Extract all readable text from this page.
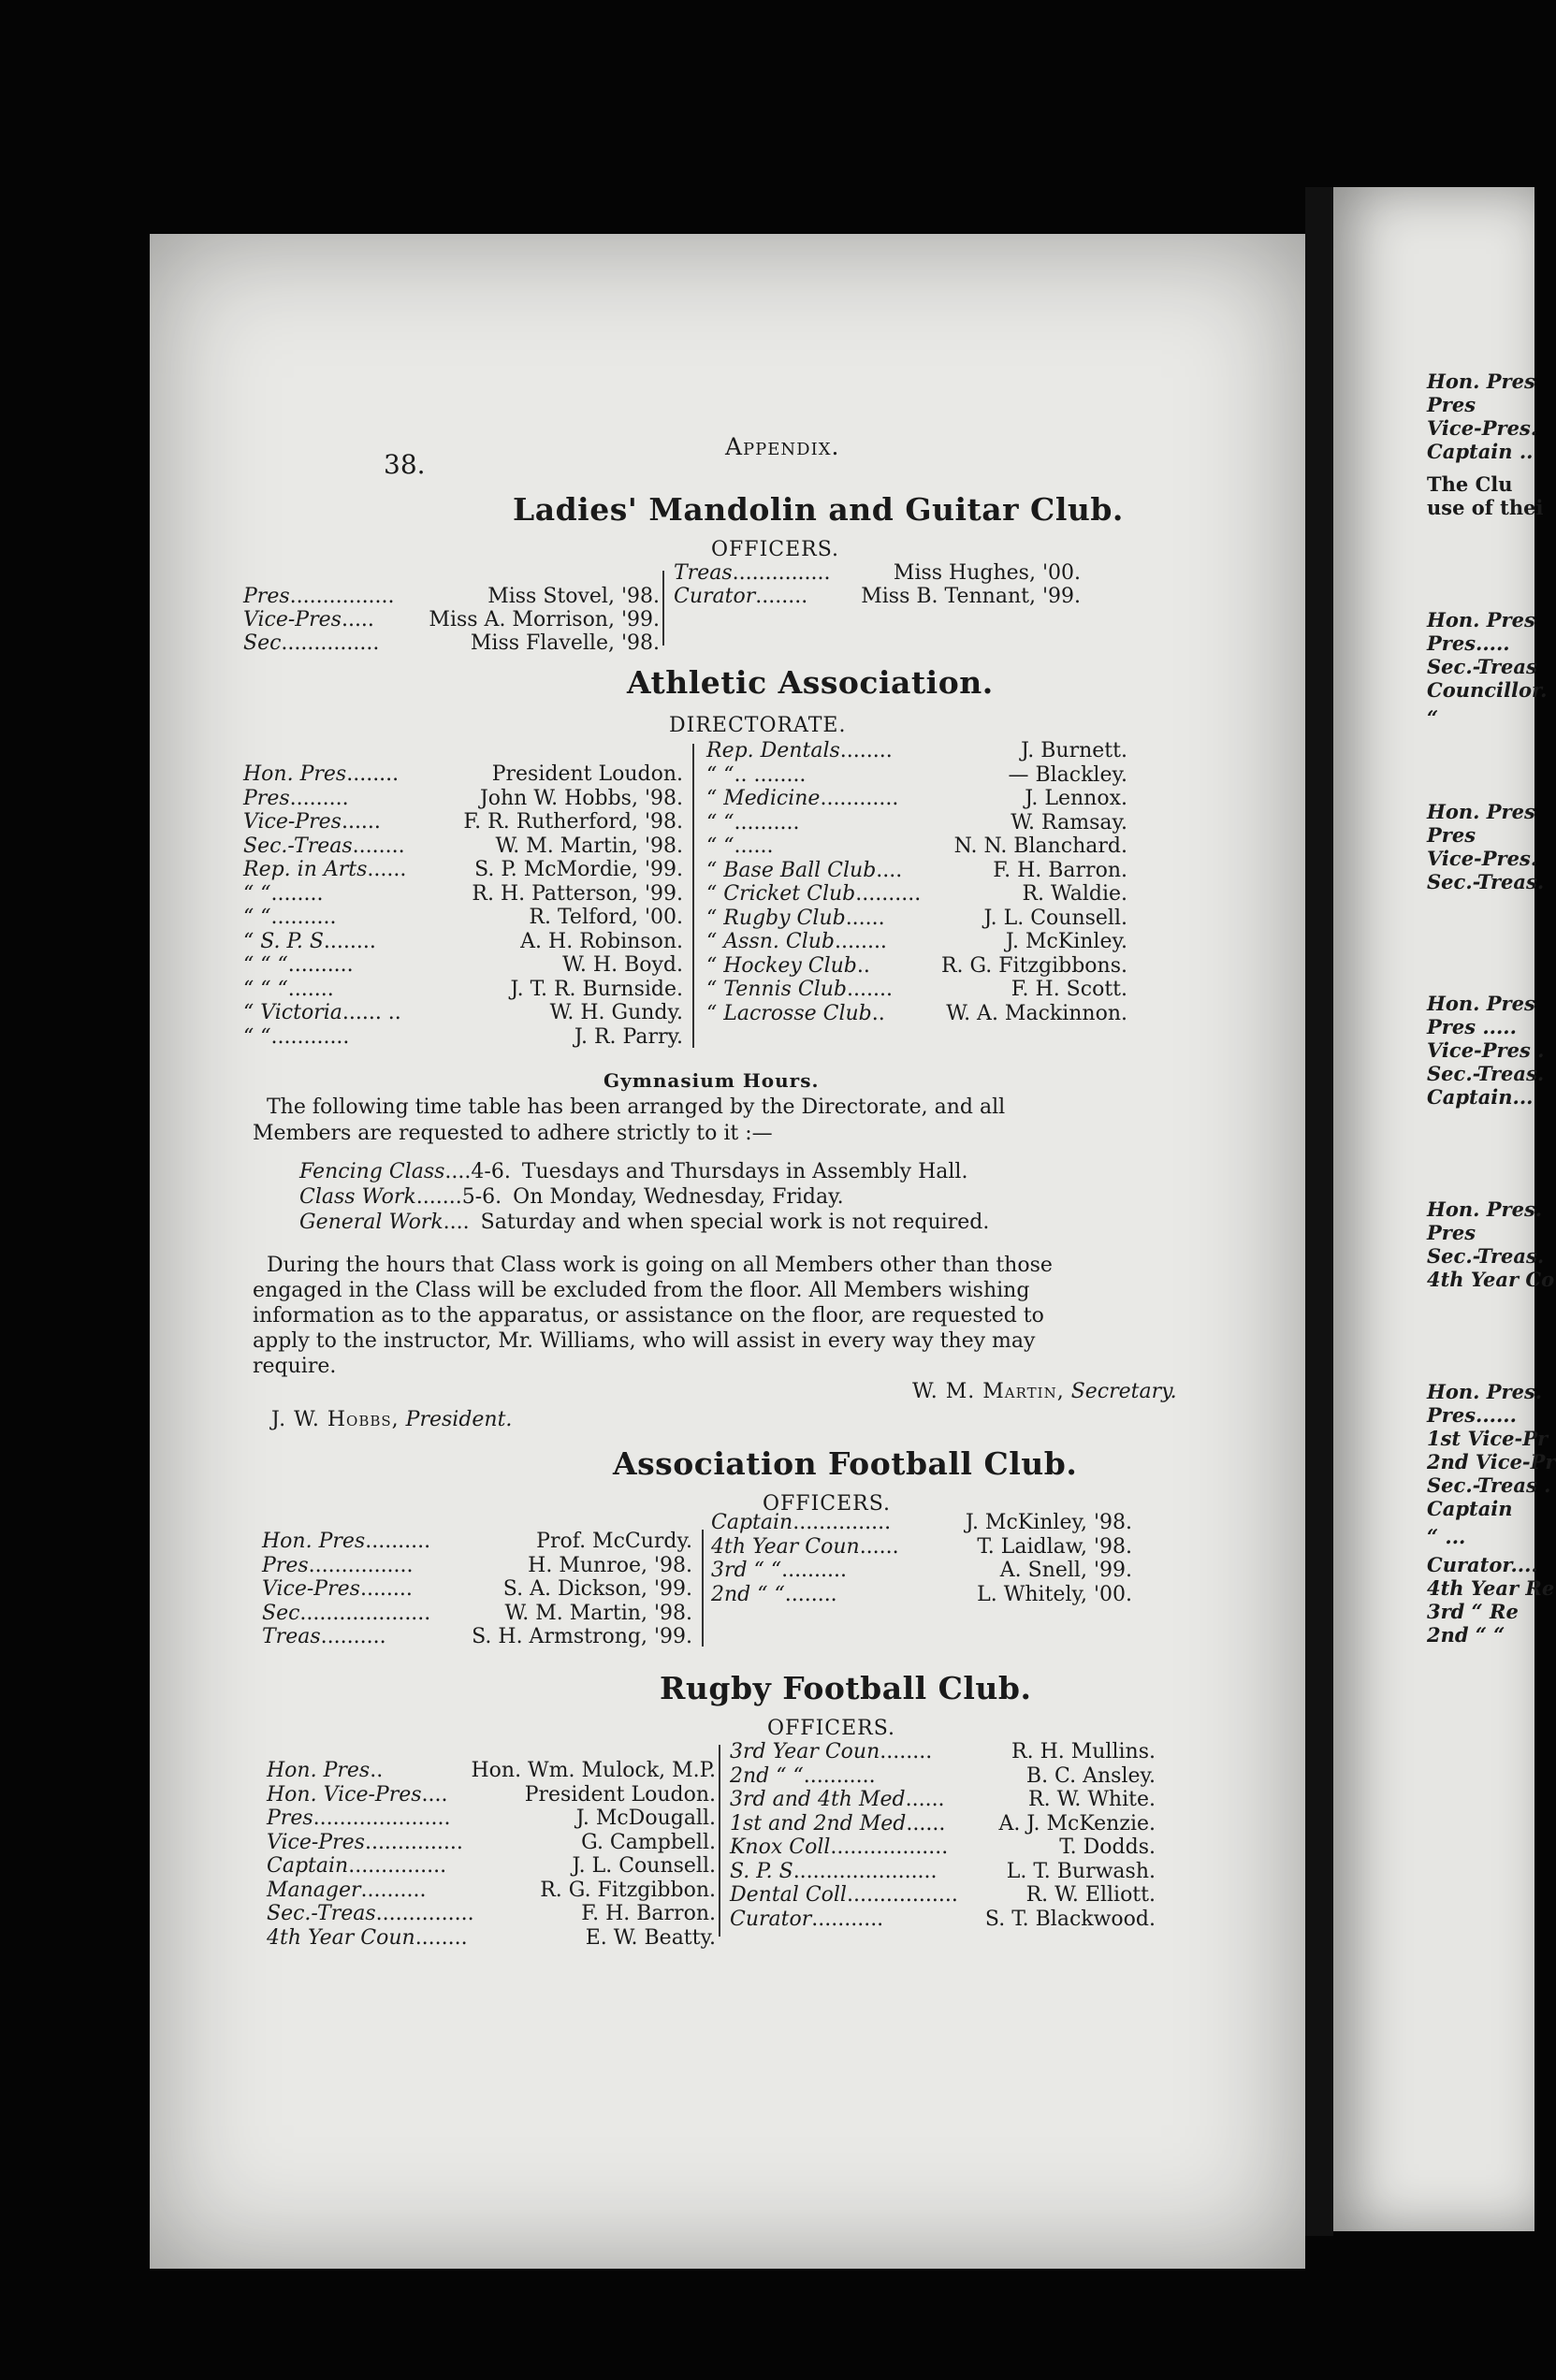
38.
Appendix.
Ladies' Mandolin and Guitar Club.
OFFICERS.
Pres................	Miss Stovel, '98.
Vice-Pres.....	Miss A. Morrison, '99.
Sec...............	Miss Flavelle, '98.
Treas...............	Miss Hughes, '00.
Curator........	Miss B. Tennant, '99.
Athletic Association.
DIRECTORATE.
Hon. Pres........	President Loudon.
Pres.........	John W. Hobbs, '98.
Vice-Pres......	F. R. Rutherford, '98.
Sec.-Treas........	W. M. Martin, '98.
Rep. in Arts......	S. P. McMordie, '99.
“ “........	R. H. Patterson, '99.
“ “..........	R. Telford, '00.
“ S. P. S........	A. H. Robinson.
“ “ “..........	W. H. Boyd.
“ “ “.......	J. T. R. Burnside.
“ Victoria...... ..	W. H. Gundy.
“ “............	J. R. Parry.
Rep. Dentals........	J. Burnett.
“ “.. ........	— Blackley.
“ Medicine............	J. Lennox.
“ “..........	W. Ramsay.
“ “......	N. N. Blanchard.
“ Base Ball Club....	F. H. Barron.
“ Cricket Club..........	R. Waldie.
“ Rugby Club......	J. L. Counsell.
“ Assn. Club........	J. McKinley.
“ Hockey Club..	R. G. Fitzgibbons.
“ Tennis Club.......	F. H. Scott.
“ Lacrosse Club..	W. A. Mackinnon.
Gymnasium Hours.
The following time table has been arranged by the Directorate, and all
Members are requested to adhere strictly to it :—
Fencing Class....4-6. Tuesdays and Thursdays in Assembly Hall.
Class Work.......5-6. On Monday, Wednesday, Friday.
General Work.... Saturday and when special work is not required.
During the hours that Class work is going on all Members other than those
engaged in the Class will be excluded from the floor. All Members wishing
information as to the apparatus, or assistance on the floor, are requested to
apply to the instructor, Mr. Williams, who will assist in every way they may
require.
W. M. Martin, Secretary.
J. W. Hobbs, President.
Association Football Club.
OFFICERS.
Hon. Pres..........	Prof. McCurdy.
Pres................	H. Munroe, '98.
Vice-Pres........	S. A. Dickson, '99.
Sec....................	W. M. Martin, '98.
Treas..........	S. H. Armstrong, '99.
Captain...............	J. McKinley, '98.
4th Year Coun......	T. Laidlaw, '98.
3rd “ “..........	A. Snell, '99.
2nd “ “........	L. Whitely, '00.
Rugby Football Club.
OFFICERS.
Hon. Pres..	Hon. Wm. Mulock, M.P.
Hon. Vice-Pres....	President Loudon.
Pres.....................	J. McDougall.
Vice-Pres...............	G. Campbell.
Captain...............	J. L. Counsell.
Manager..........	R. G. Fitzgibbon.
Sec.-Treas...............	F. H. Barron.
4th Year Coun........	E. W. Beatty.
3rd Year Coun........	R. H. Mullins.
2nd “ “...........	B. C. Ansley.
3rd and 4th Med......	R. W. White.
1st and 2nd Med......	A. J. McKenzie.
Knox Coll..................	T. Dodds.
S. P. S......................	L. T. Burwash.
Dental Coll.................	R. W. Elliott.
Curator...........	S. T. Blackwood.
Hon. Pres
Pres
Vice-Pres.
Captain ..
The Clu
use of thei
Hon. Pres
Pres.....
Sec.-Treas
Councillor.
“
Hon. Pres
Pres
Vice-Pres.
Sec.-Treas.
Hon. Pres
Pres .....
Vice-Pres .
Sec.-Treas.
Captain...
Hon. Pres.
Pres
Sec.-Treas.
4th Year Co
Hon. Pres.
Pres......
1st Vice-Pr
2nd Vice-Pr
Sec.-Treas .
Captain
“ ...
Curator....
4th Year Re
3rd “ Re
2nd “ “
